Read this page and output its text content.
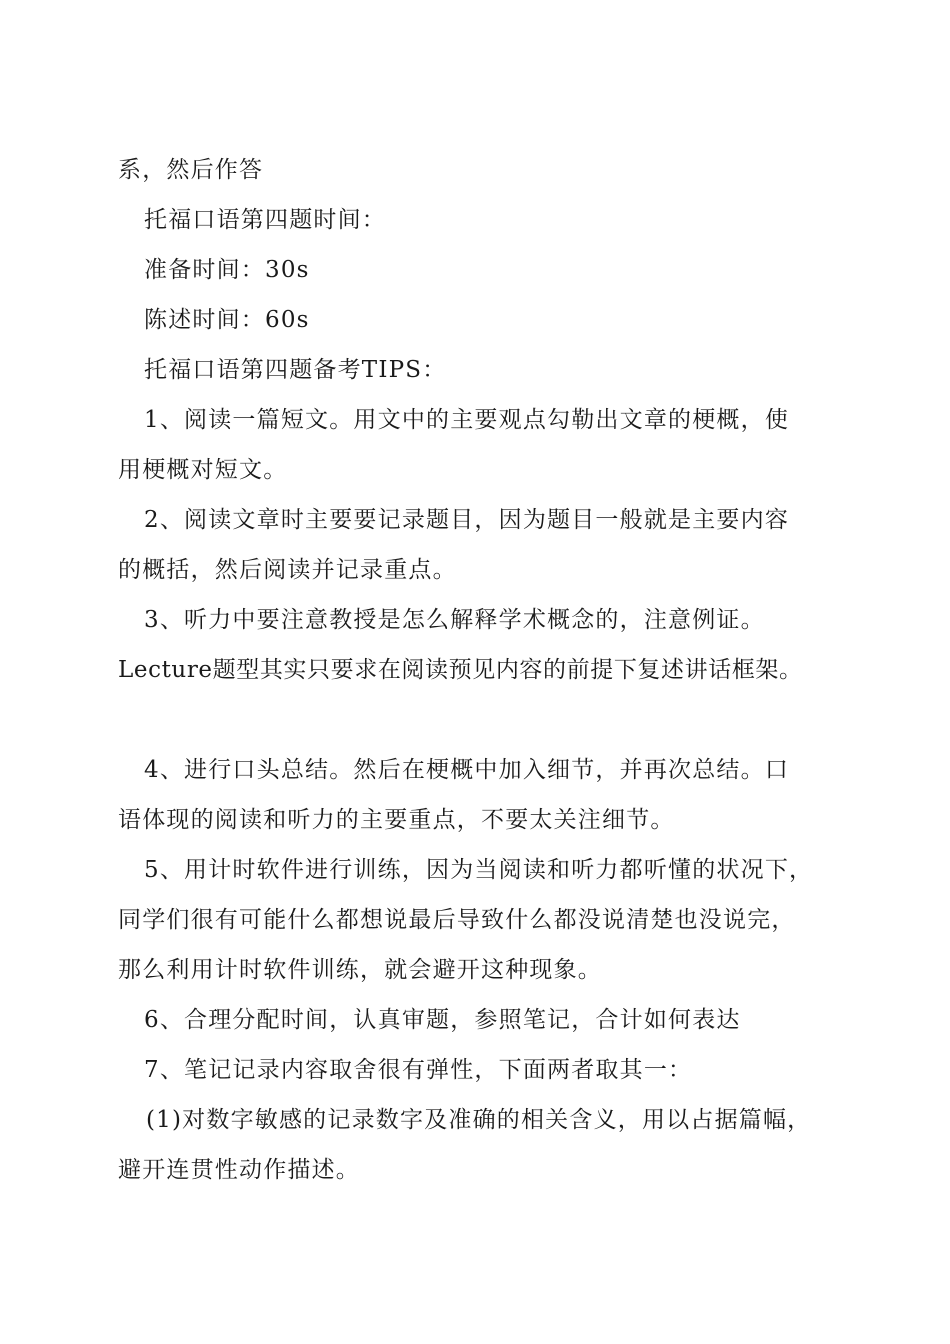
系，然后作答
托福口语第四题时间：
准备时间：30s
陈述时间：60s
托福口语第四题备考TIPS：
1、阅读一篇短文。用文中的主要观点勾勒出文章的梗概，使
用梗概对短文。
2、阅读文章时主要要记录题目，因为题目一般就是主要内容
的概括，然后阅读并记录重点。
3、听力中要注意教授是怎么解释学术概念的，注意例证。
Lecture题型其实只要求在阅读预见内容的前提下复述讲话框架。
4、进行口头总结。然后在梗概中加入细节，并再次总结。口
语体现的阅读和听力的主要重点，不要太关注细节。
5、用计时软件进行训练，因为当阅读和听力都听懂的状况下，
同学们很有可能什么都想说最后导致什么都没说清楚也没说完，
那么利用计时软件训练，就会避开这种现象。
6、合理分配时间，认真审题，参照笔记，合计如何表达
7、笔记记录内容取舍很有弹性，下面两者取其一：
(1)对数字敏感的记录数字及准确的相关含义，用以占据篇幅，
避开连贯性动作描述。
